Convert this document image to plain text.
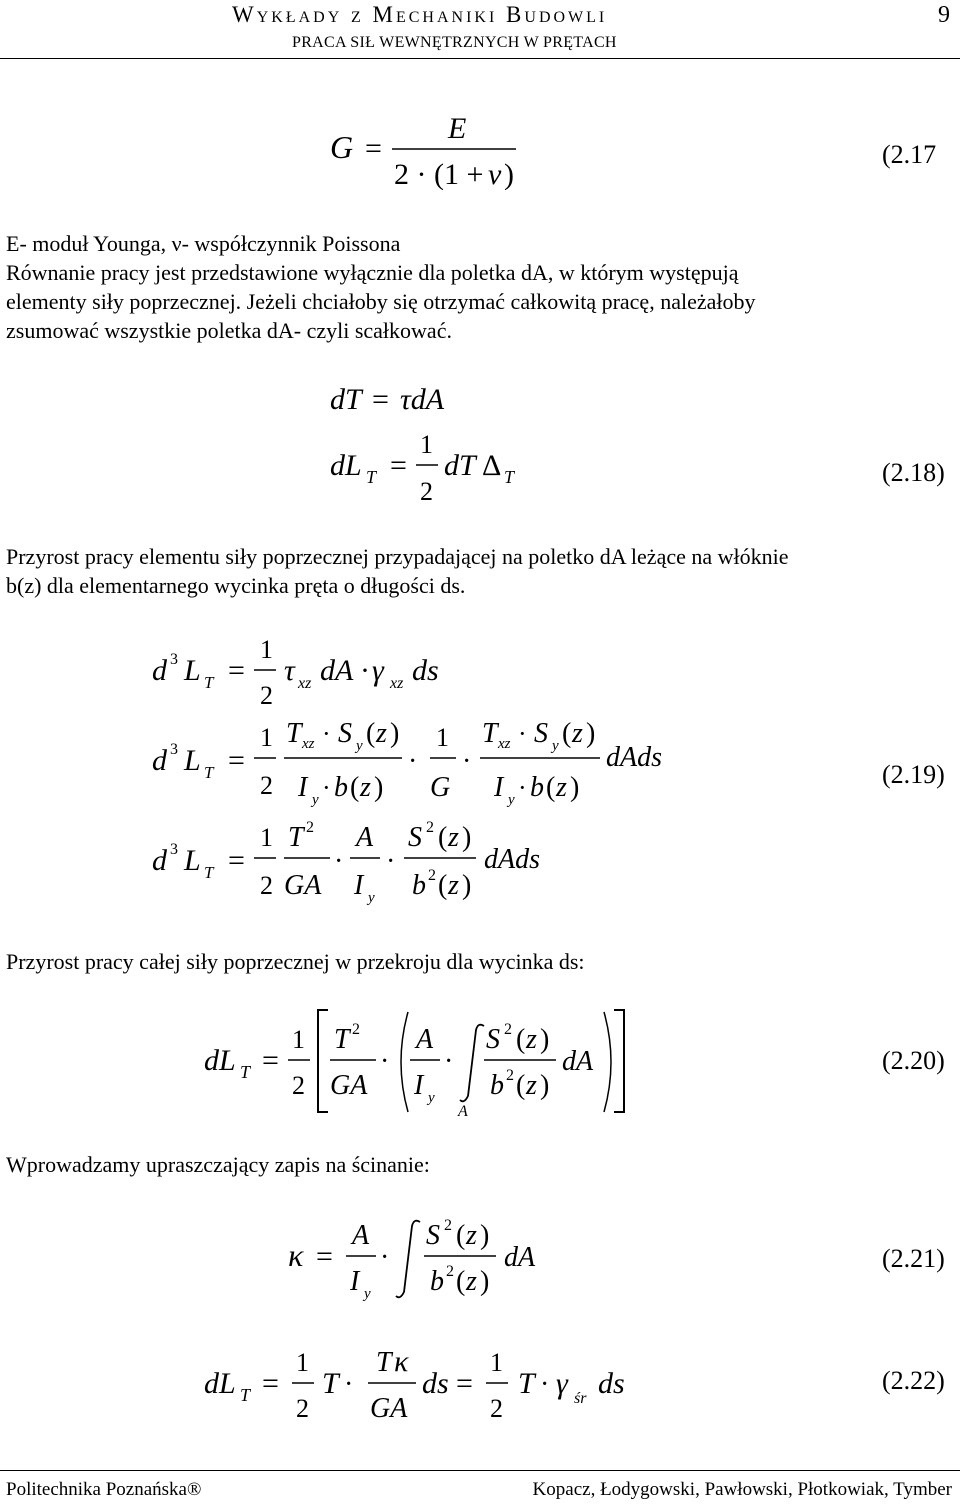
Wykłady z Mechaniki Budowli	9
PRACA SIŁ WEWNĘTRZNYCH W PRĘTACH
G =
E
2 · (1 + ν )
(2.17
E- moduł Younga, ν- współczynnik Poissona
Równanie pracy jest przedstawione wyłącznie dla poletka dA, w którym występują
elementy siły poprzecznej. Jeżeli chciałoby się otrzymać całkowitą pracę, należałoby
zsumować wszystkie poletka dA- czyli scałkować.
dT = τdA
dL T =
1
2
dT Δ T	(2.18)
Przyrost pracy elementu siły poprzecznej przypadającej na poletko dA leżące na włóknie
b(z) dla elementarnego wycinka pręta o długości ds.
d 3 L T =
1
2
τ xz dA · γ xz ds
d 3 L T =
1
2
T xz · S y ( z )
I y · b ( z )
·
1
G
·
T xz · S y ( z )
I y · b ( z )
dAds
d 3 L T =
1
2
T 2
GA
·
A
I y
·
S 2 ( z )
b 2 ( z )
dAds
(2.19)
Przyrost pracy całej siły poprzecznej w przekroju dla wycinka ds:
dL T =
1
2
T 2
GA
·
A
I y
·
A
S 2 ( z )
b 2 ( z )
dA	(2.20)
Wprowadzamy upraszczający zapis na ścinanie:
κ =
A
I y
·
S 2 ( z )
b 2 ( z )
dA	(2.21)
dL T =
1
2
T ·
T κ
GA
ds =
1
2
T · γ śr ds	(2.22)
Politechnika Poznańska®	Kopacz, Łodygowski, Pawłowski, Płotkowiak, Tymber
